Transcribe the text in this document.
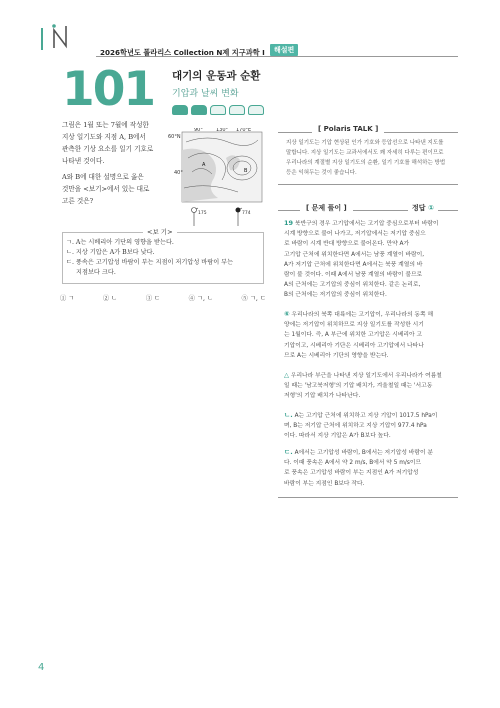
2026학년도 폴라리스 Collection N제 지구과학 I	해설편
101 대기의 운동과 순환
기압과 날씨 변화
그림은 1월 또는 7월에 작성한
지상 일기도와 지점 A, B에서
관측한 기상 요소를 일기 기호로
나타낸 것이다.
A와 B에 대한 설명으로 옳은
것만을 <보기>에서 있는 대로
고른 것은?
60°N
40°
90°	130° 170°E
A
B
175	774
<보 기>
ㄱ. A는 시베리아 기단의 영향을 받는다.
ㄴ. 지상 기압은 A가 B보다 낮다.
ㄷ. 풍속은 고기압성 바람이 부는 지점이 저기압성 바람이 부는
지점보다 크다.
① ㄱ	② ㄴ	③ ㄷ	④ ㄱ, ㄴ	⑤ ㄱ, ㄷ
[ Polaris TALK ]
지상 일기도는 기압 현상된 인가 기호와 등압선으로 나타낸 지도를
말합니다. 지상 일기도는 교과서에서도 꽤 자세히 다루는 편이므로
우리나라의 계절별 지상 일기도의 순환, 일기 기호를 해석하는 방법
등은 익혀두는 것이 좋습니다.
[ 문제 풀이 ]	정답 ①
19 북반구의 경우 고기압에서는 고기압 중심으로부터 바람이
시계 방향으로 불어 나가고, 저기압에서는 저기압 중심으
로 바람이 시계 반대 방향으로 불어온다. 만약 A가
고기압 근처에 위치한다면 A에서는 남풍 계열이 바람이,
A가 저기압 근처에 위치한다면 A에서는 북풍 계열의 바
람이 불 것이다. 이때 A에서 남풍 계열의 바람이 불므로
A의 근처에는 고기압의 중심이 위치한다. 같은 논리로,
B의 근처에는 저기압의 중심이 위치한다.
⑥ 우리나라의 북쪽 대륙에는 고기압이, 우리나라의 동쪽 해
양에는 저기압이 위치하므로 지상 일기도를 작성한 시기
는 1월이다. 즉, A 부근에 위치한 고기압은 시베리아 고
기압이고, 시베리아 기단은 시베리아 고기압에서 나타나
므로 A는 시베리아 기단의 영향을 받는다.
△ 우리나라 부근을 나타낸 지상 일기도에서 우리나라가 여름철
일 때는 '남고북저형'의 기압 배치가, 겨울철일 때는 '서고동
저형'의 기압 배치가 나타난다.
ㄴ. A는 고기압 근처에 위치하고 지상 기압이 1017.5 hPa이
며, B는 저기압 근처에 위치하고 지상 기압이 977.4 hPa
이다. 따라서 지상 기압은 A가 B보다 높다.
ㄷ. A에서는 고기압성 바람이, B에서는 저기압성 바람이 분
다. 이때 풍속은 A에서 약 2 m/s, B에서 약 5 m/s이므
로 풍속은 고기압성 바람이 부는 지점인 A가 저기압성
바람이 부는 지점인 B보다 작다.
4
